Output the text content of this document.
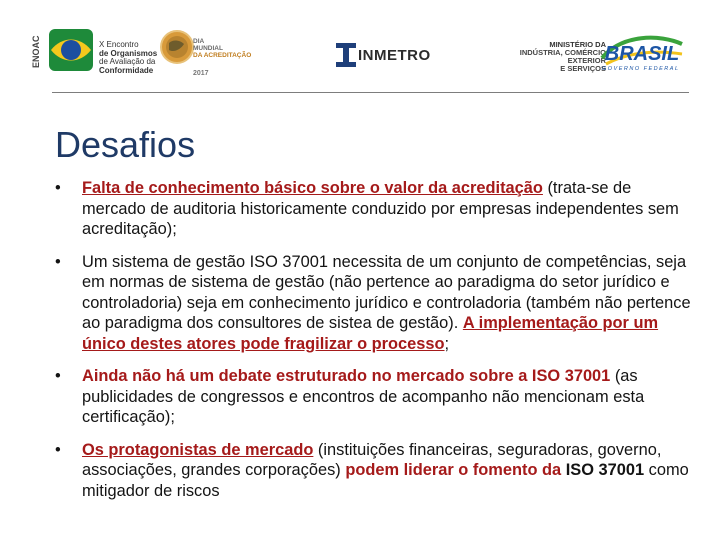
ENOAC	X Encontro
de Organismos
de Avaliação da
Conformidade
DIA
MUNDIAL
DA ACREDITAÇÃO
2017
INMETRO
MINISTÉRIO DA
INDÚSTRIA, COMÉRCIO EXTERIOR
E SERVIÇOS
BRASIL
GOVERNO FEDERAL
Desafios
• Falta de conhecimento básico sobre o valor da acreditação (trata-se de mercado de auditoria historicamente conduzido por empresas independentes sem acreditação);
• Um sistema de gestão ISO 37001 necessita de um conjunto de competências, seja em normas de sistema de gestão (não pertence ao paradigma do setor jurídico e controladoria) seja em conhecimento jurídico e controladoria (também não pertence ao paradigma dos consultores de sistea de gestão). A implementação por um único destes atores pode fragilizar o processo;
• Ainda não há um debate estruturado no mercado sobre a ISO 37001 (as publicidades de congressos e encontros de acompanho não mencionam esta certificação);
• Os protagonistas de mercado (instituições financeiras, seguradoras, governo, associações, grandes corporações) podem liderar o fomento da ISO 37001 como mitigador de riscos
